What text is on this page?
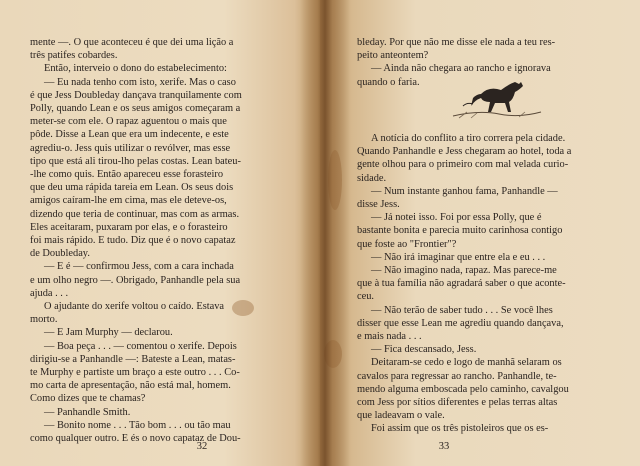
mente —. O que aconteceu é que dei uma lição a
três patifes cobardes.
Então, interveio o dono do estabelecimento:
— Eu nada tenho com isto, xerife. Mas o caso
é que Jess Doubleday dançava tranquilamente com
Polly, quando Lean e os seus amigos começaram a
meter-se com ele. O rapaz aguentou o mais que
pôde. Disse a Lean que era um indecente, e este
agrediu-o. Jess quis utilizar o revólver, mas esse
tipo que está ali tirou-lho pelas costas. Lean bateu-
-lhe como quis. Então apareceu esse forasteiro
que deu uma rápida tareia em Lean. Os seus dois
amigos caíram-lhe em cima, mas ele deteve-os,
dizendo que teria de continuar, mas com as armas.
Eles aceitaram, puxaram por elas, e o forasteiro
foi mais rápido. E tudo. Diz que é o novo capataz
de Doubleday.
— E é — confirmou Jess, com a cara inchada
e um olho negro —. Obrigado, Panhandle pela sua
ajuda . . .
O ajudante do xerife voltou o caído. Estava
morto.
— E Jam Murphy — declarou.
— Boa peça . . . — comentou o xerife. Depois
dirigiu-se a Panhandle —: Bateste a Lean, matas-
te Murphy e partiste um braço a este outro . . . Co-
mo carta de apresentação, não está mal, homem.
Como dizes que te chamas?
— Panhandle Smith.
— Bonito nome . . . Tão bom . . . ou tão mau
como qualquer outro. E és o novo capataz de Dou-
32
bleday. Por que não me disse ele nada a teu res-
peito anteontem?
— Ainda não chegara ao rancho e ignorava
quando o faria.
A notícia do conflito a tiro correra pela cidade.
Quando Panhandle e Jess chegaram ao hotel, toda a
gente olhou para o primeiro com mal velada curio-
sidade.
— Num instante ganhou fama, Panhandle —
disse Jess.
— Já notei isso. Foi por essa Polly, que é
bastante bonita e parecia muito carinhosa contigo
que foste ao "Frontier"?
— Não irá imaginar que entre ela e eu . . .
— Não imagino nada, rapaz. Mas parece-me
que à tua família não agradará saber o que aconte-
ceu.
— Não terão de saber tudo . . . Se você lhes
disser que esse Lean me agrediu quando dançava,
e mais nada . . .
— Fica descansado, Jess.
Deitaram-se cedo e logo de manhã selaram os
cavalos para regressar ao rancho. Panhandle, te-
mendo alguma emboscada pelo caminho, cavalgou
com Jess por sítios diferentes e pelas terras altas
que ladeavam o vale.
Foi assim que os três pistoleiros que os es-
33
